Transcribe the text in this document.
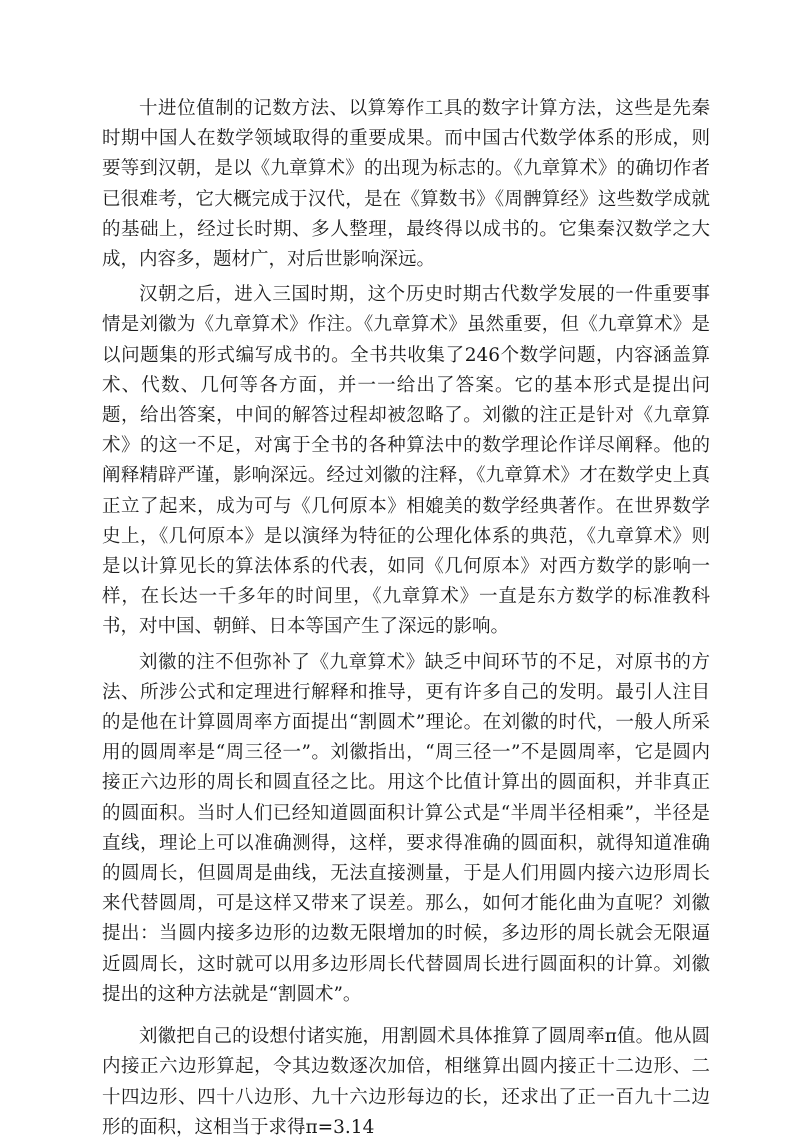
十进位值制的记数方法、以算筹作工具的数字计算方法，这些是先秦时期中国人在数学领域取得的重要成果。而中国古代数学体系的形成，则要等到汉朝，是以《九章算术》的出现为标志的。《九章算术》的确切作者已很难考，它大概完成于汉代，是在《算数书》《周髀算经》这些数学成就的基础上，经过长时期、多人整理，最终得以成书的。它集秦汉数学之大成，内容多，题材广，对后世影响深远。

汉朝之后，进入三国时期，这个历史时期古代数学发展的一件重要事情是刘徽为《九章算术》作注。《九章算术》虽然重要，但《九章算术》是以问题集的形式编写成书的。全书共收集了246个数学问题，内容涵盖算术、代数、几何等各方面，并一一给出了答案。它的基本形式是提出问题，给出答案，中间的解答过程却被忽略了。刘徽的注正是针对《九章算术》的这一不足，对寓于全书的各种算法中的数学理论作详尽阐释。他的阐释精辟严谨，影响深远。经过刘徽的注释，《九章算术》才在数学史上真正立了起来，成为可与《几何原本》相媲美的数学经典著作。在世界数学史上，《几何原本》是以演绎为特征的公理化体系的典范，《九章算术》则是以计算见长的算法体系的代表，如同《几何原本》对西方数学的影响一样，在长达一千多年的时间里，《九章算术》一直是东方数学的标准教科书，对中国、朝鲜、日本等国产生了深远的影响。

刘徽的注不但弥补了《九章算术》缺乏中间环节的不足，对原书的方法、所涉公式和定理进行解释和推导，更有许多自己的发明。最引人注目的是他在计算圆周率方面提出“割圆术”理论。在刘徽的时代，一般人所采用的圆周率是“周三径一”。刘徽指出，“周三径一”不是圆周率，它是圆内接正六边形的周长和圆直径之比。用这个比值计算出的圆面积，并非真正的圆面积。当时人们已经知道圆面积计算公式是“半周半径相乘”，半径是直线，理论上可以准确测得，这样，要求得准确的圆面积，就得知道准确的圆周长，但圆周是曲线，无法直接测量，于是人们用圆内接六边形周长来代替圆周，可是这样又带来了误差。那么，如何才能化曲为直呢？刘徽提出：当圆内接多边形的边数无限增加的时候，多边形的周长就会无限逼近圆周长，这时就可以用多边形周长代替圆周长进行圆面积的计算。刘徽提出的这种方法就是“割圆术”。

刘徽把自己的设想付诸实施，用割圆术具体推算了圆周率π值。他从圆内接正六边形算起，令其边数逐次加倍，相继算出圆内接正十二边形、二十四边形、四十八边形、九十六边形每边的长，还求出了正一百九十二边形的面积，这相当于求得π=3.14
